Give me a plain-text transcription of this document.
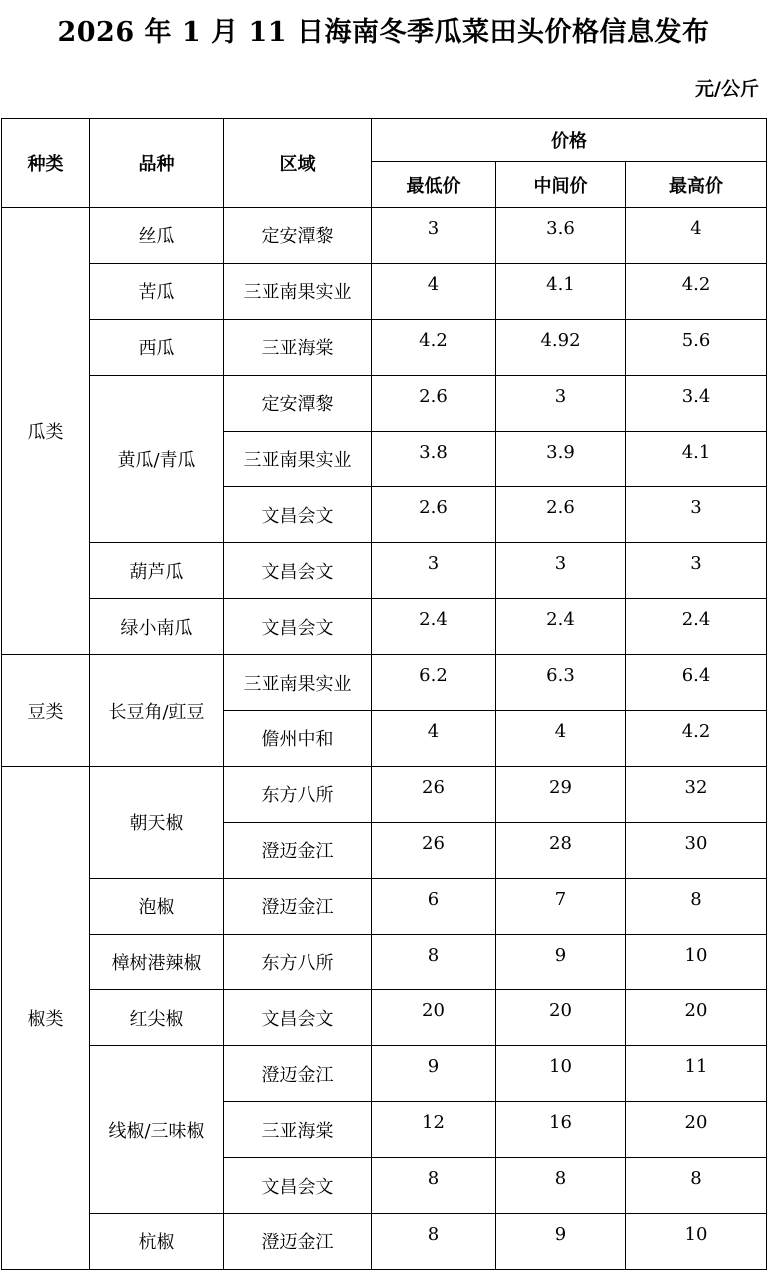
2026 年 1 月 11 日海南冬季瓜菜田头价格信息发布
元/公斤
种类	品种	区域	价格		
			最低价	中间价	最高价
瓜类	丝瓜	定安潭黎	3	3.6	4
	苦瓜	三亚南果实业	4	4.1	4.2
	西瓜	三亚海棠	4.2	4.92	5.6
	黄瓜/青瓜	定安潭黎	2.6	3	3.4
		三亚南果实业	3.8	3.9	4.1
		文昌会文	2.6	2.6	3
	葫芦瓜	文昌会文	3	3	3
	绿小南瓜	文昌会文	2.4	2.4	2.4
豆类	长豆角/豇豆	三亚南果实业	6.2	6.3	6.4
		儋州中和	4	4	4.2
椒类	朝天椒	东方八所	26	29	32
		澄迈金江	26	28	30
	泡椒	澄迈金江	6	7	8
	樟树港辣椒	东方八所	8	9	10
	红尖椒	文昌会文	20	20	20
	线椒/三味椒	澄迈金江	9	10	11
		三亚海棠	12	16	20
		文昌会文	8	8	8
	杭椒	澄迈金江	8	9	10
